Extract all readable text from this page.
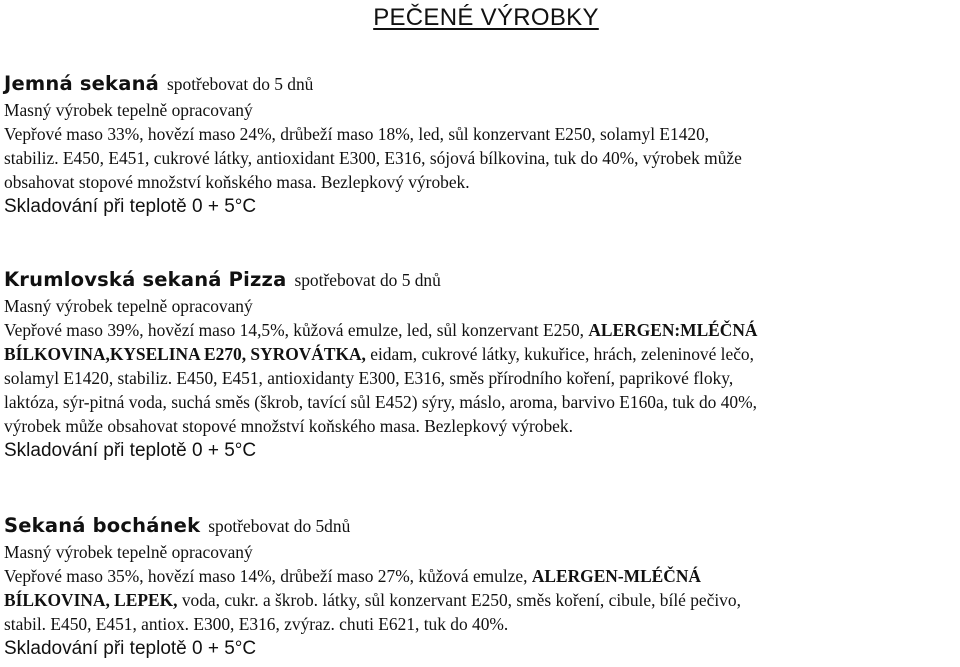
PEČENÉ VÝROBKY
Jemná sekaná spotřebovat do 5 dnů
Masný výrobek tepelně opracovaný
Vepřové maso 33%, hovězí maso 24%, drůbeží maso 18%, led, sůl konzervant E250, solamyl E1420,
stabiliz. E450, E451, cukrové látky, antioxidant E300, E316, sójová bílkovina, tuk do 40%, výrobek může
obsahovat stopové množství koňského masa. Bezlepkový výrobek.
Skladování při teplotě 0 + 5°C
Krumlovská sekaná Pizza spotřebovat do 5 dnů
Masný výrobek tepelně opracovaný
Vepřové maso 39%, hovězí maso 14,5%, kůžová emulze, led, sůl konzervant E250, ALERGEN:MLÉČNÁ
BÍLKOVINA,KYSELINA E270, SYROVÁTKA, eidam, cukrové látky, kukuřice, hrách, zeleninové lečo,
solamyl E1420, stabiliz. E450, E451, antioxidanty E300, E316, směs přírodního koření, paprikové floky,
laktóza, sýr-pitná voda, suchá směs (škrob, tavící sůl E452) sýry, máslo, aroma, barvivo E160a, tuk do 40%,
výrobek může obsahovat stopové množství koňského masa. Bezlepkový výrobek.
Skladování při teplotě 0 + 5°C
Sekaná bochánek spotřebovat do 5dnů
Masný výrobek tepelně opracovaný
Vepřové maso 35%, hovězí maso 14%, drůbeží maso 27%, kůžová emulze, ALERGEN-MLÉČNÁ
BÍLKOVINA, LEPEK, voda, cukr. a škrob. látky, sůl konzervant E250, směs koření, cibule, bílé pečivo,
stabil. E450, E451, antiox. E300, E316, zvýraz. chuti E621, tuk do 40%.
Skladování při teplotě 0 + 5°C
